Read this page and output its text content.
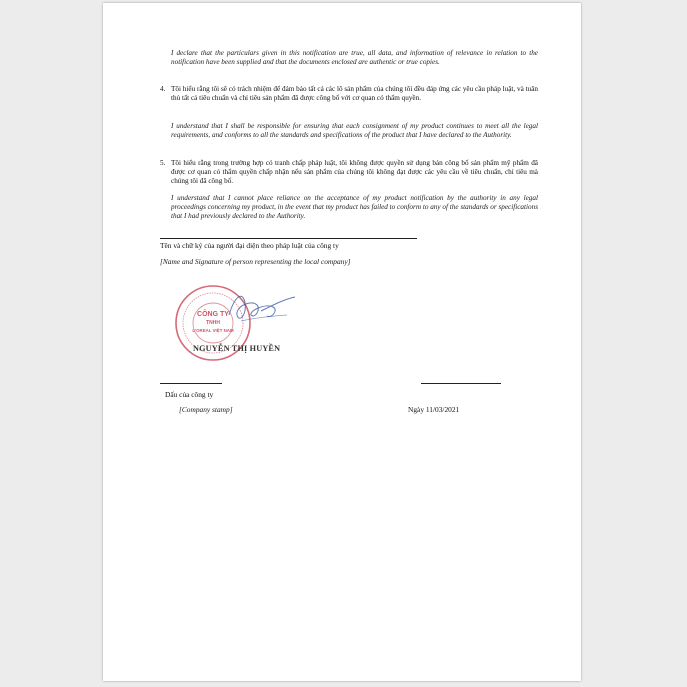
I declare that the particulars given in this notification are true, all data, and information of relevance in relation to the notification have been supplied and that the documents enclosed are authentic or true copies.

4. Tôi hiểu rằng tôi sẽ có trách nhiệm để đảm bảo tất cả các lô sản phẩm của chúng tôi đều đáp ứng các yêu cầu pháp luật, và tuân thủ tất cả tiêu chuẩn và chỉ tiêu sản phẩm đã được công bố với cơ quan có thẩm quyền.

I understand that I shall be responsible for ensuring that each consignment of my product continues to meet all the legal requirements, and conforms to all the standards and specifications of the product that I have declared to the Authority.

5. Tôi hiểu rằng trong trường hợp có tranh chấp pháp luật, tôi không được quyền sử dụng bản công bố sản phẩm mỹ phẩm đã được cơ quan có thẩm quyền chấp nhận nếu sản phẩm của chúng tôi không đạt được các yêu cầu về tiêu chuẩn, chỉ tiêu mà chúng tôi đã công bố.

I understand that I cannot place reliance on the acceptance of my product notification by the authority in any legal proceedings concerning my product, in the event that my product has failed to conform to any of the standards or specifications that I had previously declared to the Authority.

Tên và chữ ký của người đại diện theo pháp luật của công ty
[Name and Signature of person representing the local company]
CÔNG TY
TNHH
L'OREAL VIỆT NAM
NGUYỄN THỊ HUYỀN
Dấu của công ty
[Company stamp]	Ngày 11/03/2021
